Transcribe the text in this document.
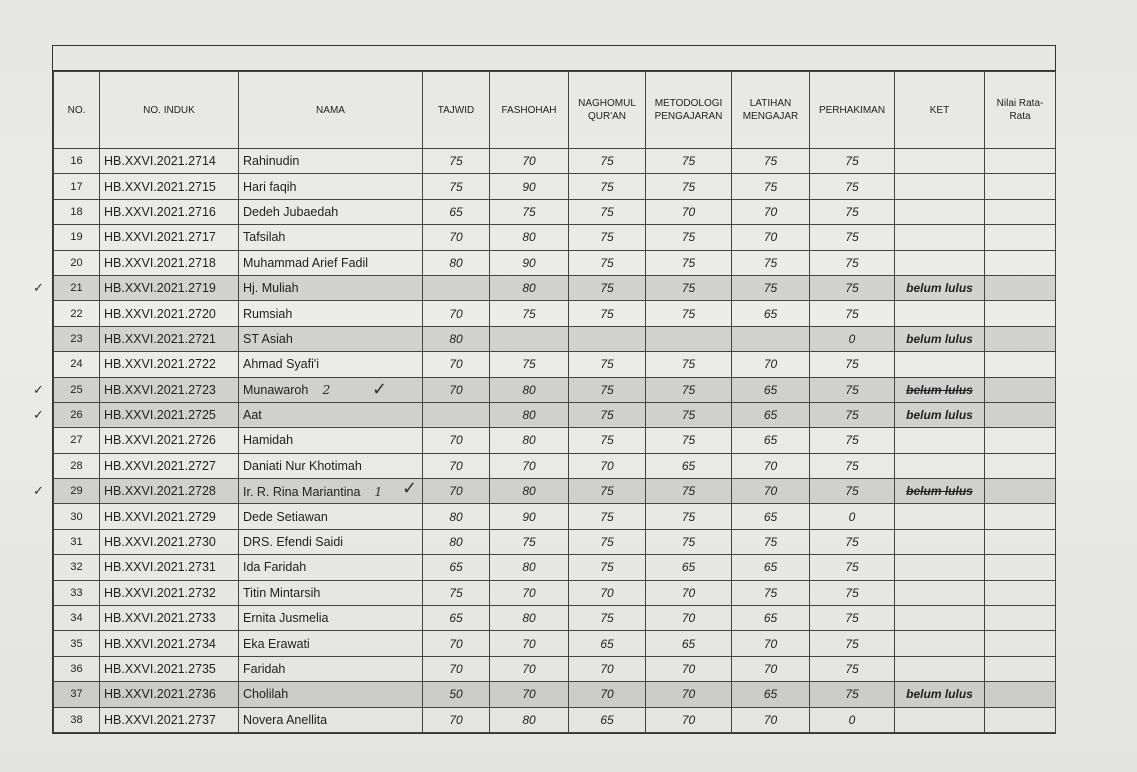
NO.	NO. INDUK	NAMA	TAJWID	FASHOHAH	NAGHOMUL QUR'AN	METODOLOGI PENGAJARAN	LATIHAN MENGAJAR	PERHAKIMAN	KET	Nilai Rata-Rata
16	HB.XXVI.2021.2714	Rahinudin	75	70	75	75	75	75		
17	HB.XXVI.2021.2715	Hari faqih	75	90	75	75	75	75		
18	HB.XXVI.2021.2716	Dedeh Jubaedah	65	75	75	70	70	75		
19	HB.XXVI.2021.2717	Tafsilah	70	80	75	75	70	75		
20	HB.XXVI.2021.2718	Muhammad Arief Fadil	80	90	75	75	75	75		
21	HB.XXVI.2021.2719	Hj. Muliah		80	75	75	75	75	belum lulus	
22	HB.XXVI.2021.2720	Rumsiah	70	75	75	75	65	75		
23	HB.XXVI.2021.2721	ST Asiah	80					0	belum lulus	
24	HB.XXVI.2021.2722	Ahmad Syafi'i	70	75	75	75	70	75		
25	HB.XXVI.2021.2723	Munawaroh 2	70	80	75	75	65	75	belum lulus	
26	HB.XXVI.2021.2725	Aat		80	75	75	65	75	belum lulus	
27	HB.XXVI.2021.2726	Hamidah	70	80	75	75	65	75		
28	HB.XXVI.2021.2727	Daniati Nur Khotimah	70	70	70	65	70	75		
29	HB.XXVI.2021.2728	Ir. R. Rina Mariantina 1	70	80	75	75	70	75	belum lulus	
30	HB.XXVI.2021.2729	Dede Setiawan	80	90	75	75	65	0		
31	HB.XXVI.2021.2730	DRS. Efendi Saidi	80	75	75	75	75	75		
32	HB.XXVI.2021.2731	Ida Faridah	65	80	75	65	65	75		
33	HB.XXVI.2021.2732	Titin Mintarsih	75	70	70	70	75	75		
34	HB.XXVI.2021.2733	Ernita Jusmelia	65	80	75	70	65	75		
35	HB.XXVI.2021.2734	Eka Erawati	70	70	65	65	70	75		
36	HB.XXVI.2021.2735	Faridah	70	70	70	70	70	75		
37	HB.XXVI.2021.2736	Cholilah	50	70	70	70	65	75	belum lulus	
38	HB.XXVI.2021.2737	Novera Anellita	70	80	65	70	70	0		
✓
✓
✓
✓
✓
✓
